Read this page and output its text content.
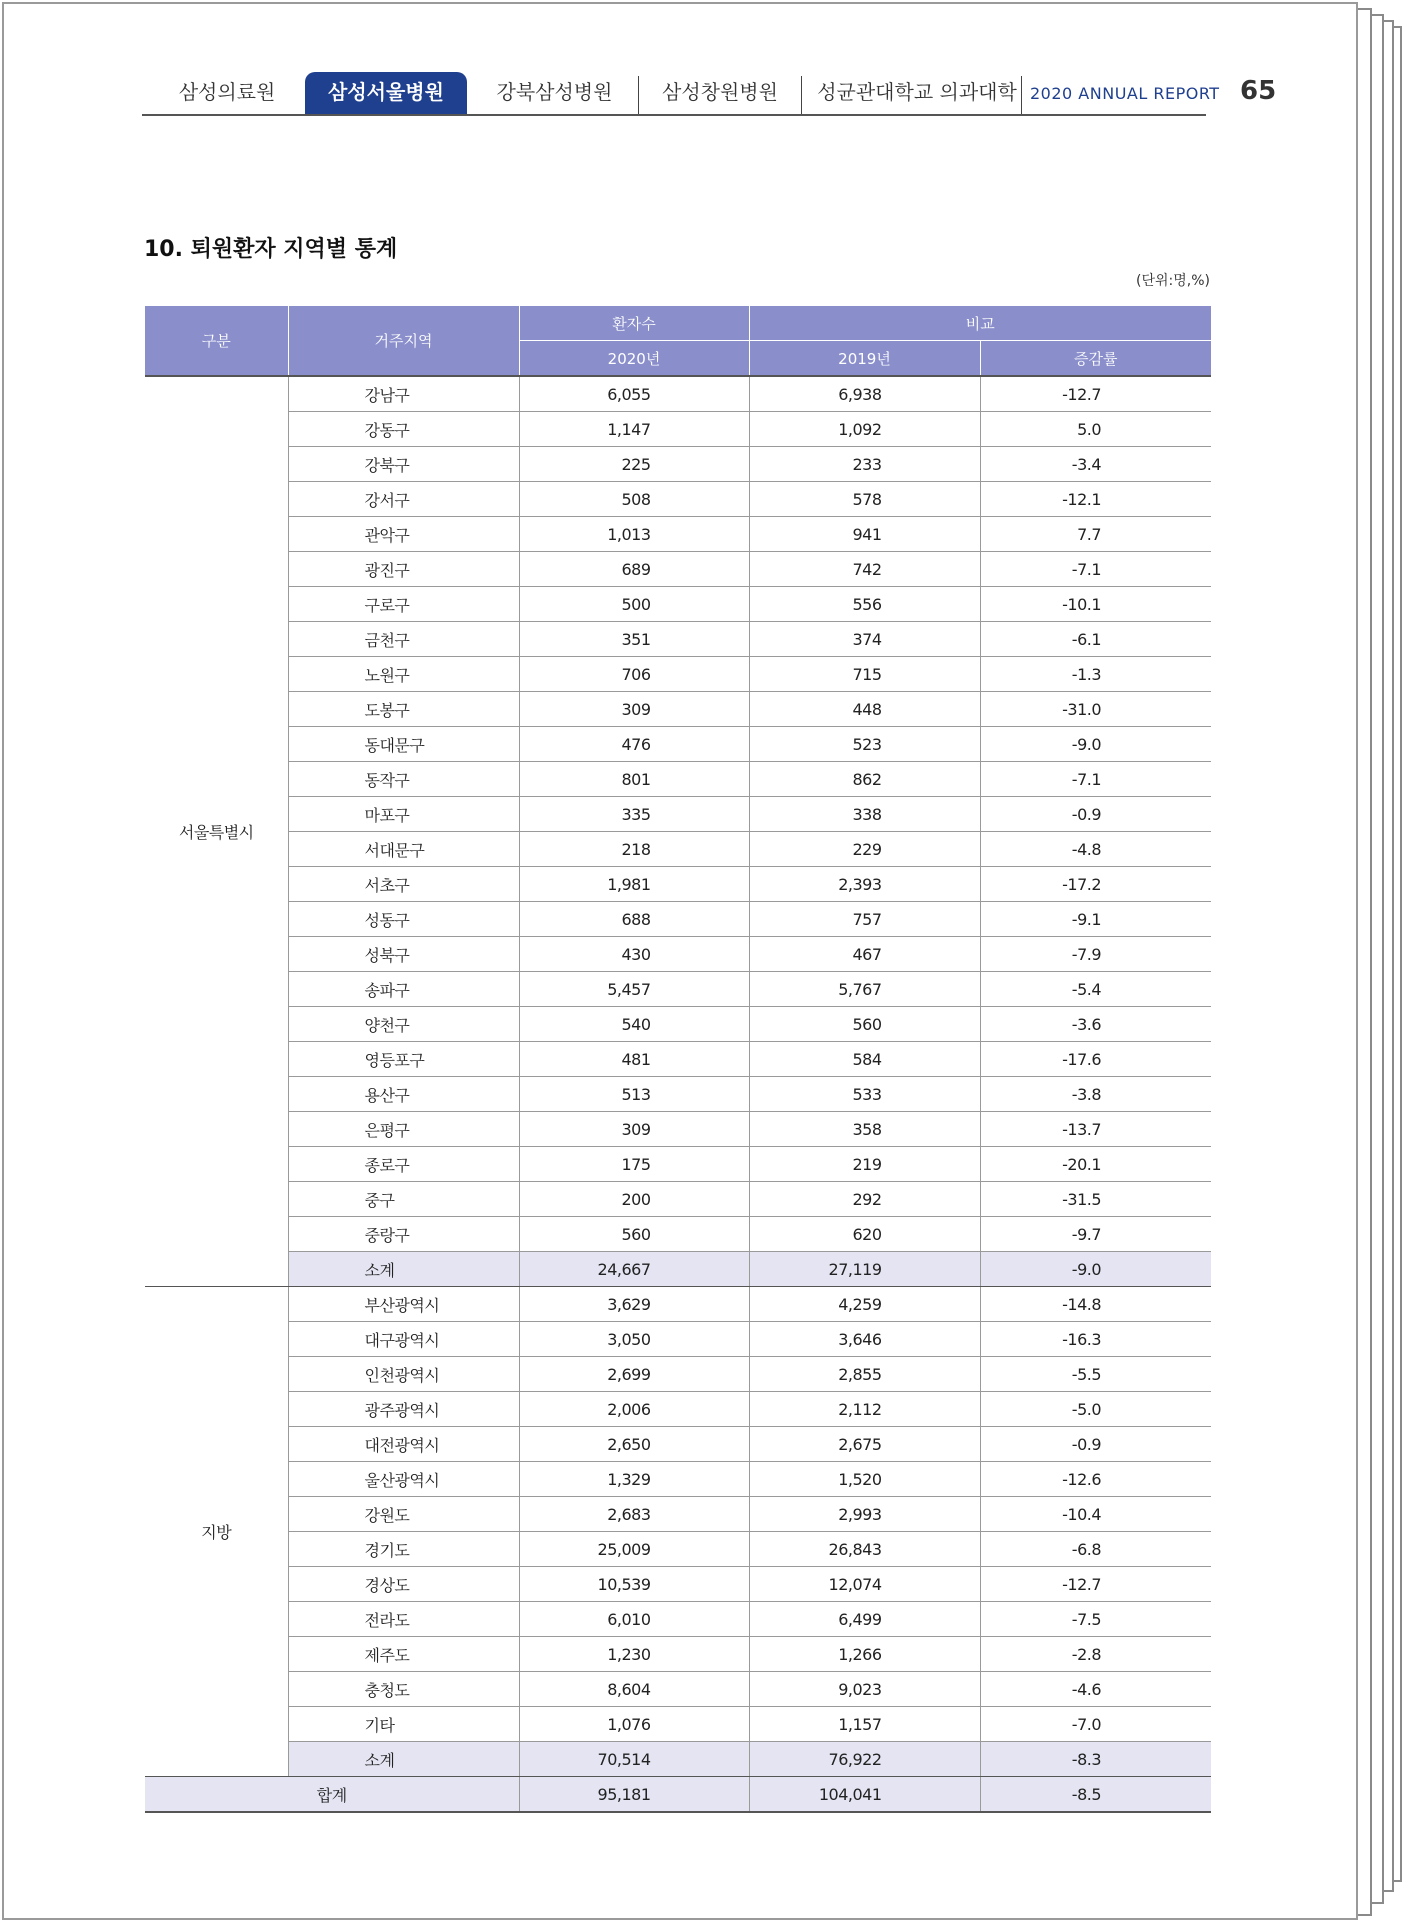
삼성의료원	삼성서울병원	강북삼성병원	삼성창원병원	성균관대학교 의과대학 2020 ANNUAL REPORT 65
10. 퇴원환자 지역별 통계
(단위:명,%)
구분	거주지역	환자수	비교	
		2020년	2019년	증감률
서울특별시	강남구	6,055	6,938	-12.7
	강동구	1,147	1,092	5.0
	강북구	225	233	-3.4
	강서구	508	578	-12.1
	관악구	1,013	941	7.7
	광진구	689	742	-7.1
	구로구	500	556	-10.1
	금천구	351	374	-6.1
	노원구	706	715	-1.3
	도봉구	309	448	-31.0
	동대문구	476	523	-9.0
	동작구	801	862	-7.1
	마포구	335	338	-0.9
	서대문구	218	229	-4.8
	서초구	1,981	2,393	-17.2
	성동구	688	757	-9.1
	성북구	430	467	-7.9
	송파구	5,457	5,767	-5.4
	양천구	540	560	-3.6
	영등포구	481	584	-17.6
	용산구	513	533	-3.8
	은평구	309	358	-13.7
	종로구	175	219	-20.1
	중구	200	292	-31.5
	중랑구	560	620	-9.7
	소계	24,667	27,119	-9.0
지방	부산광역시	3,629	4,259	-14.8
	대구광역시	3,050	3,646	-16.3
	인천광역시	2,699	2,855	-5.5
	광주광역시	2,006	2,112	-5.0
	대전광역시	2,650	2,675	-0.9
	울산광역시	1,329	1,520	-12.6
	강원도	2,683	2,993	-10.4
	경기도	25,009	26,843	-6.8
	경상도	10,539	12,074	-12.7
	전라도	6,010	6,499	-7.5
	제주도	1,230	1,266	-2.8
	충청도	8,604	9,023	-4.6
	기타	1,076	1,157	-7.0
	소계	70,514	76,922	-8.3
합계		95,181	104,041	-8.5
